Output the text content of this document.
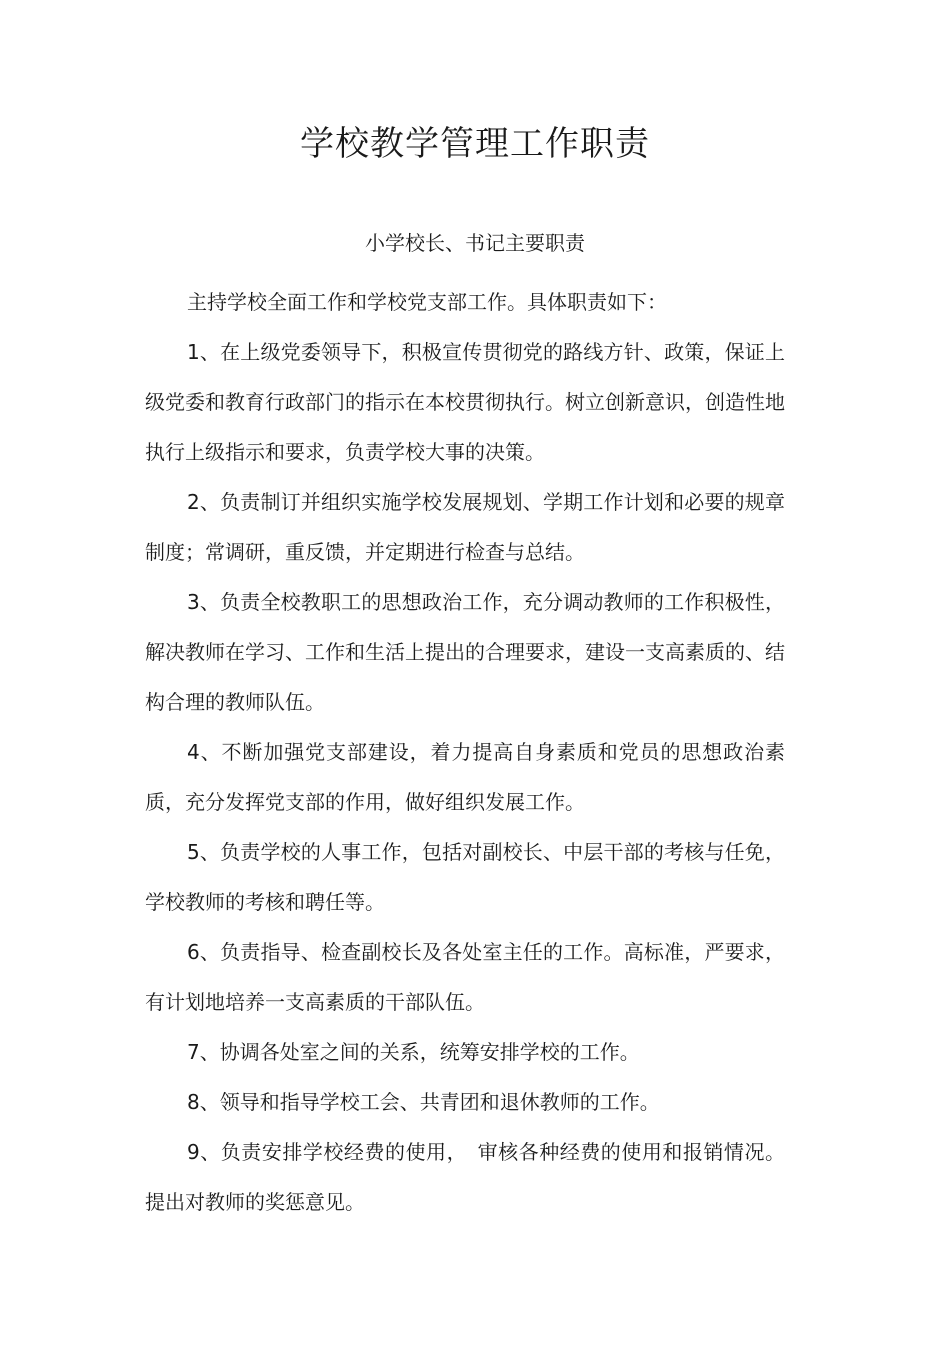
学校教学管理工作职责

小学校长、书记主要职责

主持学校全面工作和学校党支部工作。具体职责如下：

1、在上级党委领导下，积极宣传贯彻党的路线方针、政策，保证上级党委和教育行政部门的指示在本校贯彻执行。树立创新意识，创造性地执行上级指示和要求，负责学校大事的决策。

2、负责制订并组织实施学校发展规划、学期工作计划和必要的规章制度；常调研，重反馈，并定期进行检查与总结。

3、负责全校教职工的思想政治工作，充分调动教师的工作积极性，解决教师在学习、工作和生活上提出的合理要求，建设一支高素质的、结构合理的教师队伍。

4、不断加强党支部建设，着力提高自身素质和党员的思想政治素质，充分发挥党支部的作用，做好组织发展工作。

5、负责学校的人事工作，包括对副校长、中层干部的考核与任免，学校教师的考核和聘任等。

6、负责指导、检查副校长及各处室主任的工作。高标准，严要求，有计划地培养一支高素质的干部队伍。

7、协调各处室之间的关系，统筹安排学校的工作。

8、领导和指导学校工会、共青团和退休教师的工作。

9、负责安排学校经费的使用，　审核各种经费的使用和报销情况。提出对教师的奖惩意见。
